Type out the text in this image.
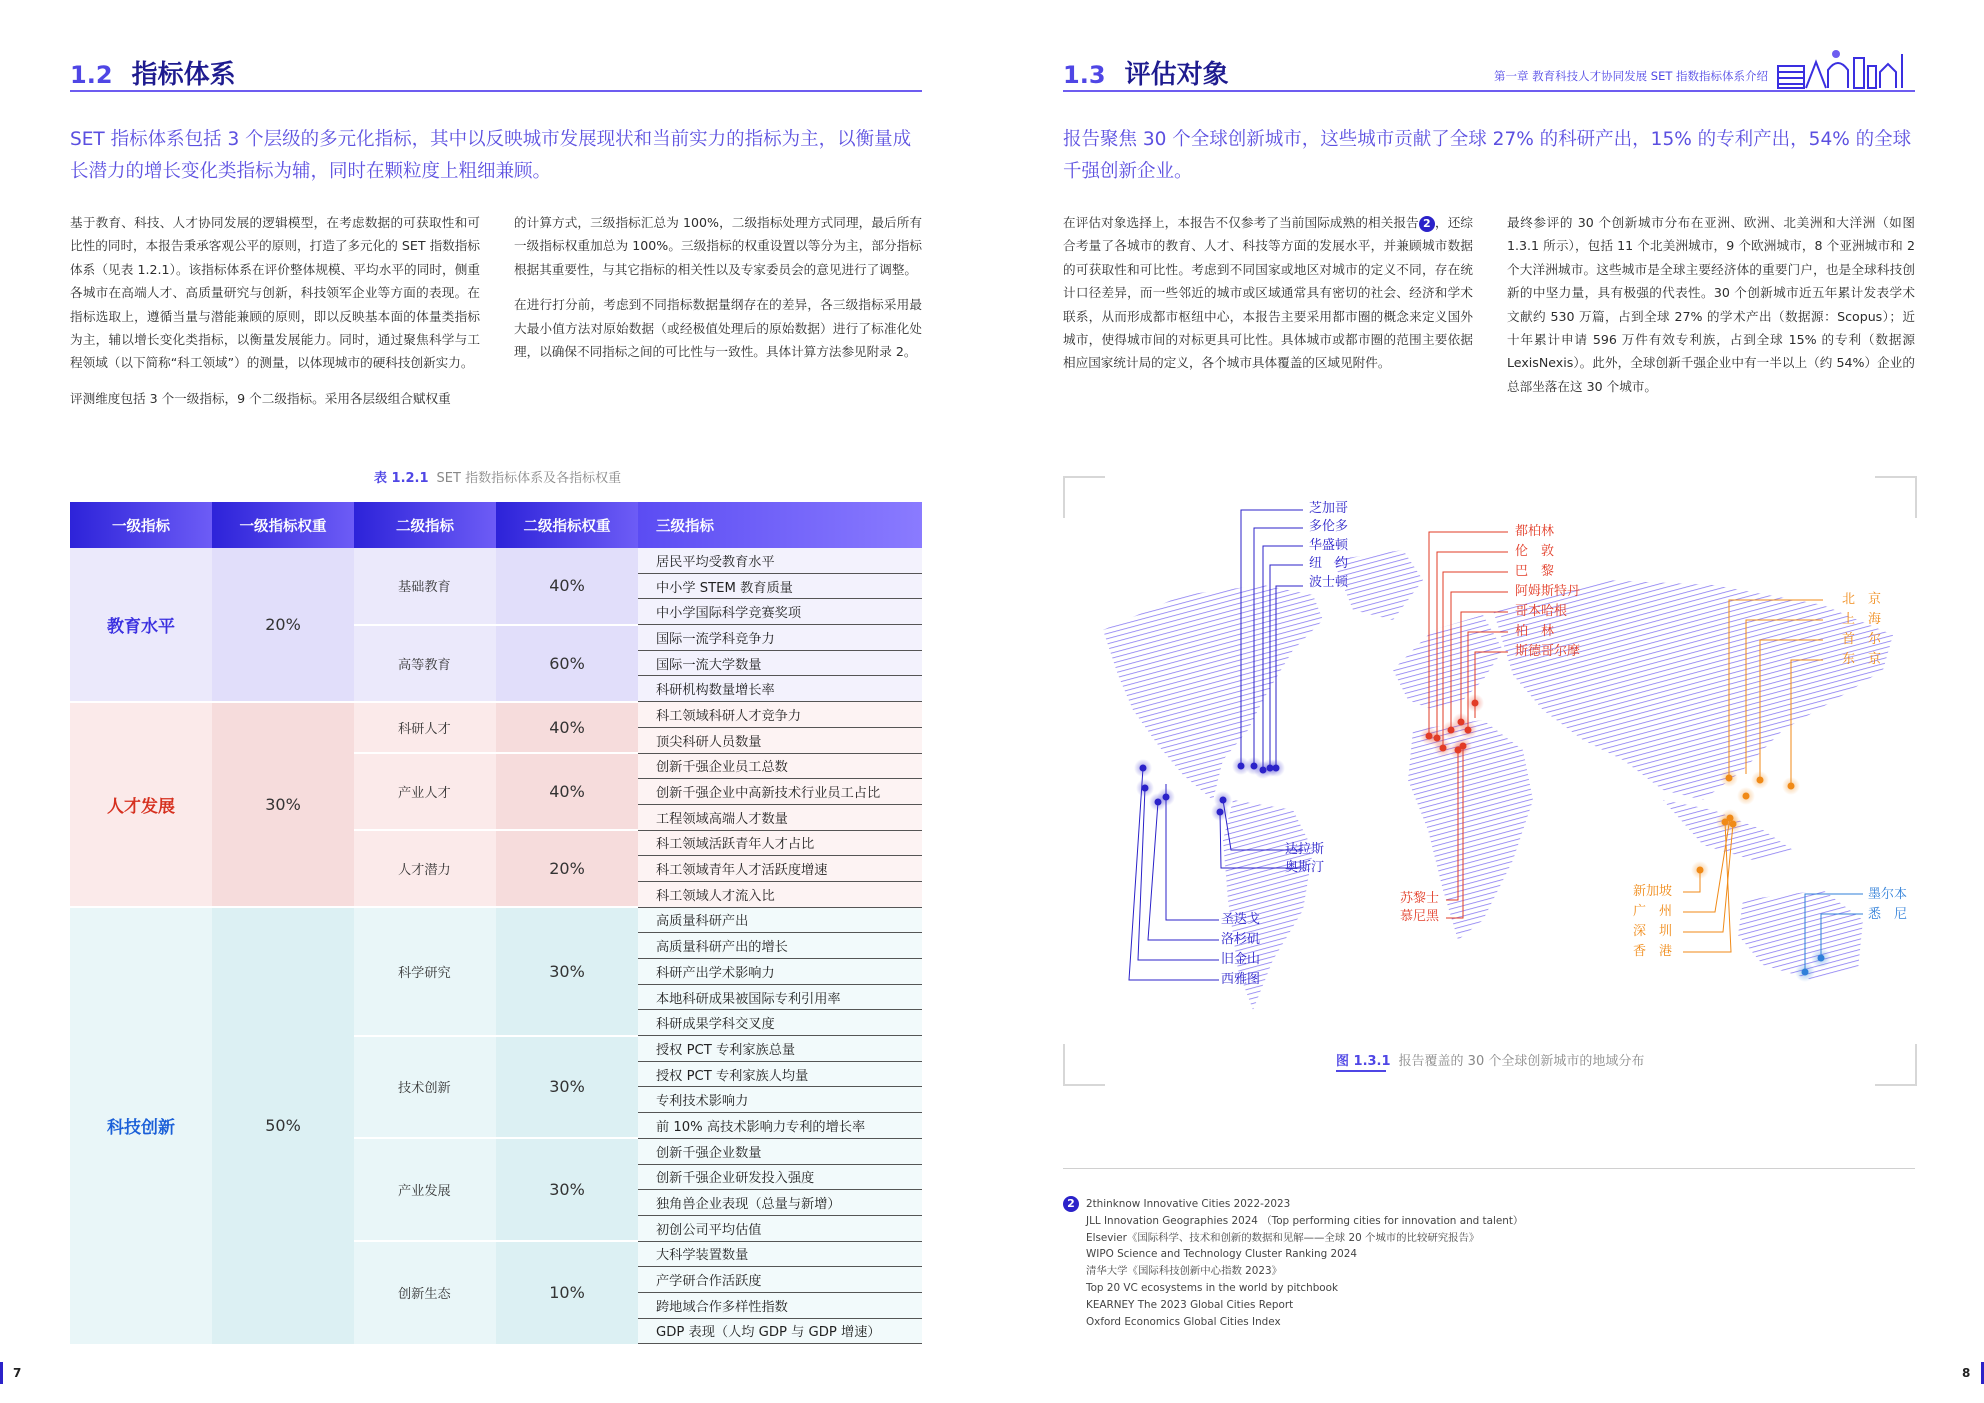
1.2 指标体系
SET 指标体系包括 3 个层级的多元化指标，其中以反映城市发展现状和当前实力的指标为主，以衡量成长潜力的增长变化类指标为辅，同时在颗粒度上粗细兼顾。

基于教育、科技、人才协同发展的逻辑模型，在考虑数据的可获取性和可比性的同时，本报告秉承客观公平的原则，打造了多元化的 SET 指数指标体系（见表 1.2.1）。该指标体系在评价整体规模、平均水平的同时，侧重各城市在高端人才、高质量研究与创新，科技领军企业等方面的表现。在指标选取上，遵循当量与潜能兼顾的原则，即以反映基本面的体量类指标为主，辅以增长变化类指标，以衡量发展能力。同时，通过聚焦科学与工程领域（以下简称“科工领域”）的测量，以体现城市的硬科技创新实力。

评测维度包括 3 个一级指标，9 个二级指标。采用各层级组合赋权重

的计算方式，三级指标汇总为 100%，二级指标处理方式同理，最后所有一级指标权重加总为 100%。三级指标的权重设置以等分为主，部分指标根据其重要性，与其它指标的相关性以及专家委员会的意见进行了调整。

在进行打分前，考虑到不同指标数据量纲存在的差异，各三级指标采用最大最小值方法对原始数据（或经极值处理后的原始数据）进行了标准化处理，以确保不同指标之间的可比性与一致性。具体计算方法参见附录 2。

表 1.2.1 SET 指数指标体系及各指标权重
一级指标	一级指标权重	二级指标	二级指标权重	三级指标
教育水平	20%	基础教育	40%	居民平均受教育水平
				中小学 STEM 教育质量
				中小学国际科学竞赛奖项
		高等教育	60%	国际一流学科竞争力
				国际一流大学数量
				科研机构数量增长率
人才发展	30%	科研人才	40%	科工领域科研人才竞争力
				顶尖科研人员数量
		产业人才	40%	创新千强企业员工总数
				创新千强企业中高新技术行业员工占比
				工程领域高端人才数量
		人才潜力	20%	科工领域活跃青年人才占比
				科工领域青年人才活跃度增速
				科工领域人才流入比
科技创新	50%	科学研究	30%	高质量科研产出
				高质量科研产出的增长
				科研产出学术影响力
				本地科研成果被国际专利引用率
				科研成果学科交叉度
		技术创新	30%	授权 PCT 专利家族总量
				授权 PCT 专利家族人均量
				专利技术影响力
				前 10% 高技术影响力专利的增长率
		产业发展	30%	创新千强企业数量
				创新千强企业研发投入强度
				独角兽企业表现（总量与新增）
				初创公司平均估值
		创新生态	10%	大科学装置数量
				产学研合作活跃度
				跨地域合作多样性指数
				GDP 表现（人均 GDP 与 GDP 增速）
7
1.3 评估对象	第一章 教育科技人才协同发展 SET 指数指标体系介绍
报告聚焦 30 个全球创新城市，这些城市贡献了全球 27% 的科研产出，15% 的专利产出，54% 的全球千强创新企业。

在评估对象选择上，本报告不仅参考了当前国际成熟的相关报告 2 ，还综合考量了各城市的教育、人才、科技等方面的发展水平，并兼顾城市数据的可获取性和可比性。考虑到不同国家或地区对城市的定义不同，存在统计口径差异，而一些邻近的城市或区域通常具有密切的社会、经济和学术联系，从而形成都市枢纽中心，本报告主要采用都市圈的概念来定义国外城市，使得城市间的对标更具可比性。具体城市或都市圈的范围主要依据相应国家统计局的定义，各个城市具体覆盖的区域见附件。

最终参评的 30 个创新城市分布在亚洲、欧洲、北美洲和大洋洲（如图 1.3.1 所示），包括 11 个北美洲城市，9 个欧洲城市，8 个亚洲城市和 2 个大洋洲城市。这些城市是全球主要经济体的重要门户，也是全球科技创新的中坚力量，具有极强的代表性。30 个创新城市近五年累计发表学术文献约 530 万篇，占到全球 27% 的学术产出（数据源：Scopus）；近十年累计申请 596 万件有效专利族，占到全球 15% 的专利（数据源 LexisNexis）。此外，全球创新千强企业中有一半以上（约 54%）企业的总部坐落在这 30 个城市。

芝加哥
多伦多
华盛顿
纽　约
波士顿
达拉斯
奥斯汀
圣迭戈
洛杉矶
旧金山
西雅图
都柏林
伦　敦
巴　黎
阿姆斯特丹
哥本哈根
柏　林
斯德哥尔摩
苏黎士
慕尼黑
北　京
上　海
首　尔
东　京
新加坡
广　州
深　圳
香　港
墨尔本
悉　尼
图 1.3.1 报告覆盖的 30 个全球创新城市的地域分布
2	2thinknow Innovative Cities 2022-2023
JLL Innovation Geographies 2024 （Top performing cities for innovation and talent）
Elsevier《国际科学、技术和创新的数据和见解——全球 20 个城市的比较研究报告》
WIPO Science and Technology Cluster Ranking 2024
清华大学《国际科技创新中心指数 2023》
Top 20 VC ecosystems in the world by pitchbook
KEARNEY The 2023 Global Cities Report
Oxford Economics Global Cities Index
8
